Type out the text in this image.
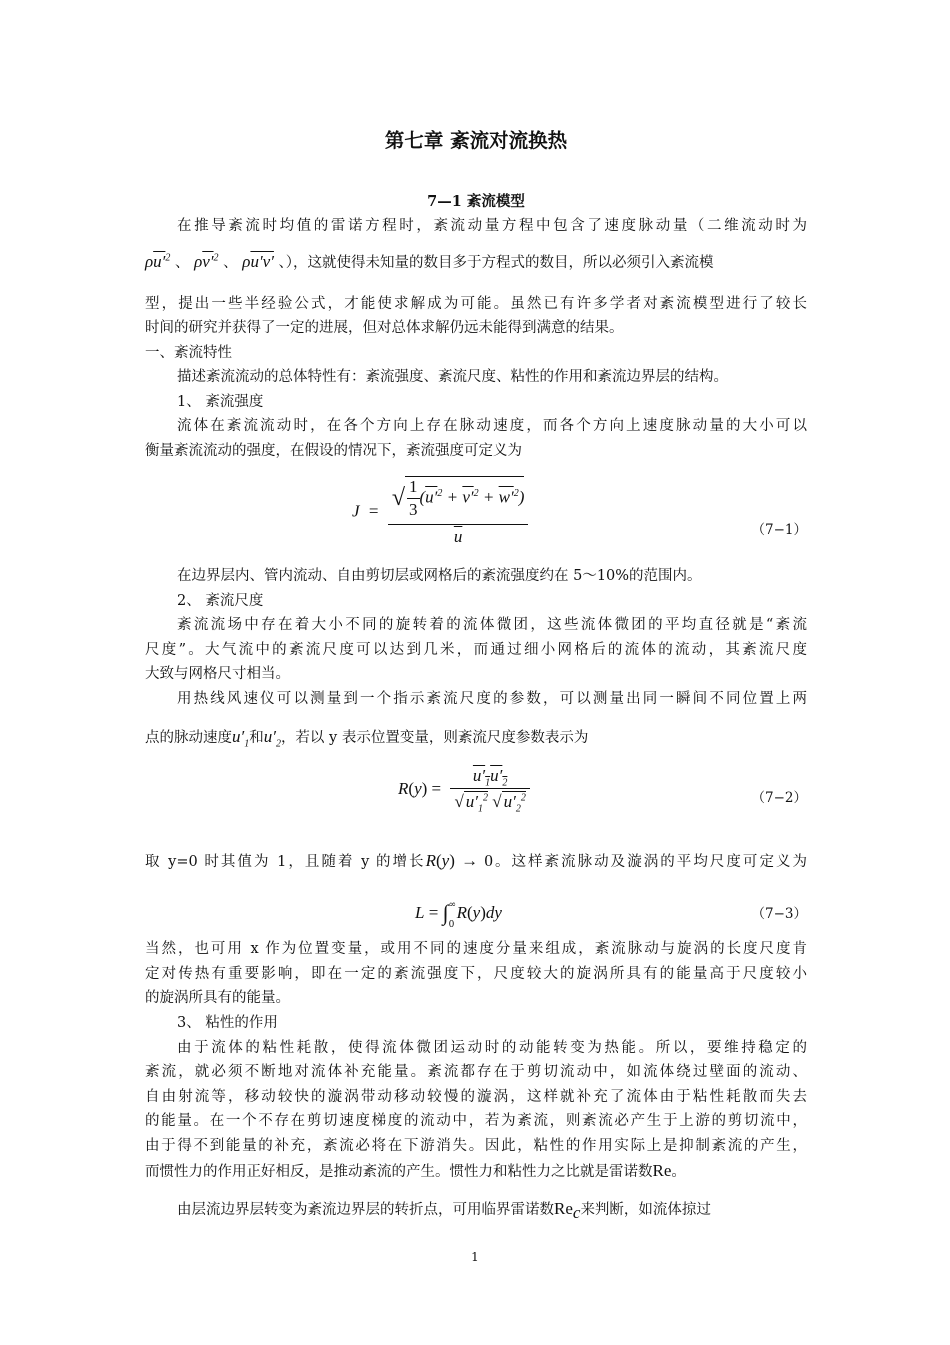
第七章 紊流对流换热
7—1 紊流模型

在推导紊流时均值的雷诺方程时，紊流动量方程中包含了速度脉动量（二维流动时为

$\rho u'^2$ 、 $\rho v'^2$ 、 ρu′v′ 、），这就使得未知量的数目多于方程式的数目，所以必须引入紊流模

型，提出一些半经验公式，才能使求解成为可能。虽然已有许多学者对紊流模型进行了较长

时间的研究并获得了一定的进展，但对总体求解仍远未能得到满意的结果。

一、紊流特性

描述紊流流动的总体特性有：紊流强度、紊流尺度、粘性的作用和紊流边界层的结构。

1、 紊流强度

流体在紊流流动时，在各个方向上存在脉动速度，而各个方向上速度脉动量的大小可以

衡量紊流流动的强度，在假设的情况下，紊流强度可定义为

$J = \frac{√ \frac{1}{3} (u'^2 + v'^2 + w'^2)}{u}$	（7−1）

在边界层内、管内流动、自由剪切层或网格后的紊流强度约在 5～10%的范围内。

2、 紊流尺度

紊流流场中存在着大小不同的旋转着的流体微团，这些流体微团的平均直径就是“紊流

尺度”。大气流中的紊流尺度可以达到几米，而通过细小网格后的流体的流动，其紊流尺度

大致与网格尺寸相当。

用热线风速仪可以测量到一个指示紊流尺度的参数，可以测量出同一瞬间不同位置上两

点的脉动速度$u'_1$和$u'_2$，若以 y 表示位置变量，则紊流尺度参数表示为
$R(y) = \frac{u'_1u'_2}{√ u'_1^2 √ u'_2^2}$	（7−2）
取 y=0 时其值为 1，且随着 y 的增长R(y) → 0。这样紊流脉动及漩涡的平均尺度可定义为
L = ∫ ∞
0
R(y)dy	（7−3）

当然，也可用 x 作为位置变量，或用不同的速度分量来组成，紊流脉动与旋涡的长度尺度肯

定对传热有重要影响，即在一定的紊流强度下，尺度较大的旋涡所具有的能量高于尺度较小

的旋涡所具有的能量。

3、 粘性的作用

由于流体的粘性耗散，使得流体微团运动时的动能转变为热能。所以，要维持稳定的

紊流，就必须不断地对流体补充能量。紊流都存在于剪切流动中，如流体绕过壁面的流动、

自由射流等，移动较快的漩涡带动移动较慢的漩涡，这样就补充了流体由于粘性耗散而失去

的能量。在一个不存在剪切速度梯度的流动中，若为紊流，则紊流必产生于上游的剪切流中，

由于得不到能量的补充，紊流必将在下游消失。因此，粘性的作用实际上是抑制紊流的产生，

而惯性力的作用正好相反，是推动紊流的产生。惯性力和粘性力之比就是雷诺数Re。
由层流边界层转变为紊流边界层的转折点，可用临界雷诺数$Re_c$来判断，如流体掠过
1
